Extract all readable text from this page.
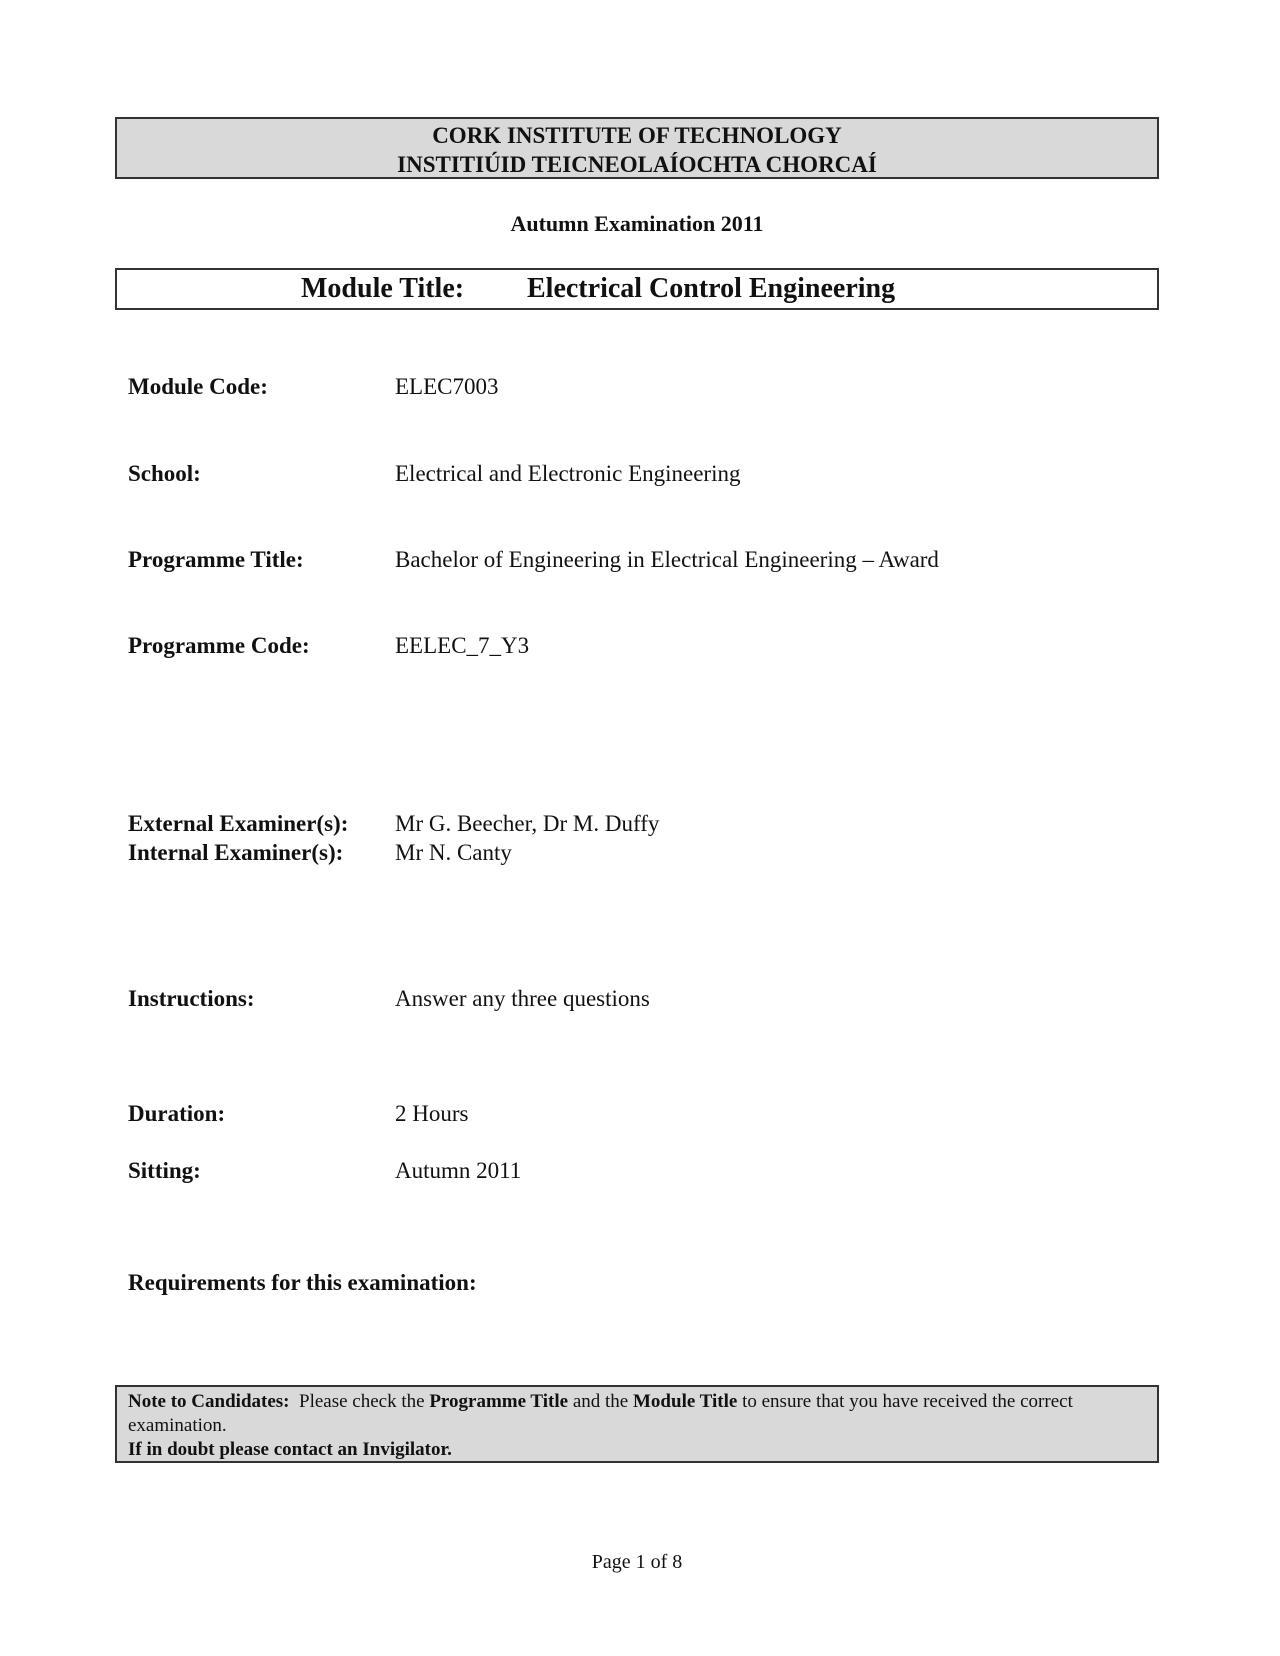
CORK INSTITUTE OF TECHNOLOGY
INSTITIÚID TEICNEOLAÍOCHTA CHORCAÍ
Autumn Examination 2011
Module Title: Electrical Control Engineering
Module Code:	ELEC7003
School:	Electrical and Electronic Engineering
Programme Title:	Bachelor of Engineering in Electrical Engineering – Award
Programme Code:	EELEC_7_Y3
External Examiner(s): Mr G. Beecher, Dr M. Duffy
Internal Examiner(s): Mr N. Canty
Instructions:	Answer any three questions
Duration:	2 Hours
Sitting:	Autumn 2011
Requirements for this examination:
Note to Candidates: Please check the Programme Title and the Module Title to ensure that you have received the correct examination.
If in doubt please contact an Invigilator.
Page 1 of 8
